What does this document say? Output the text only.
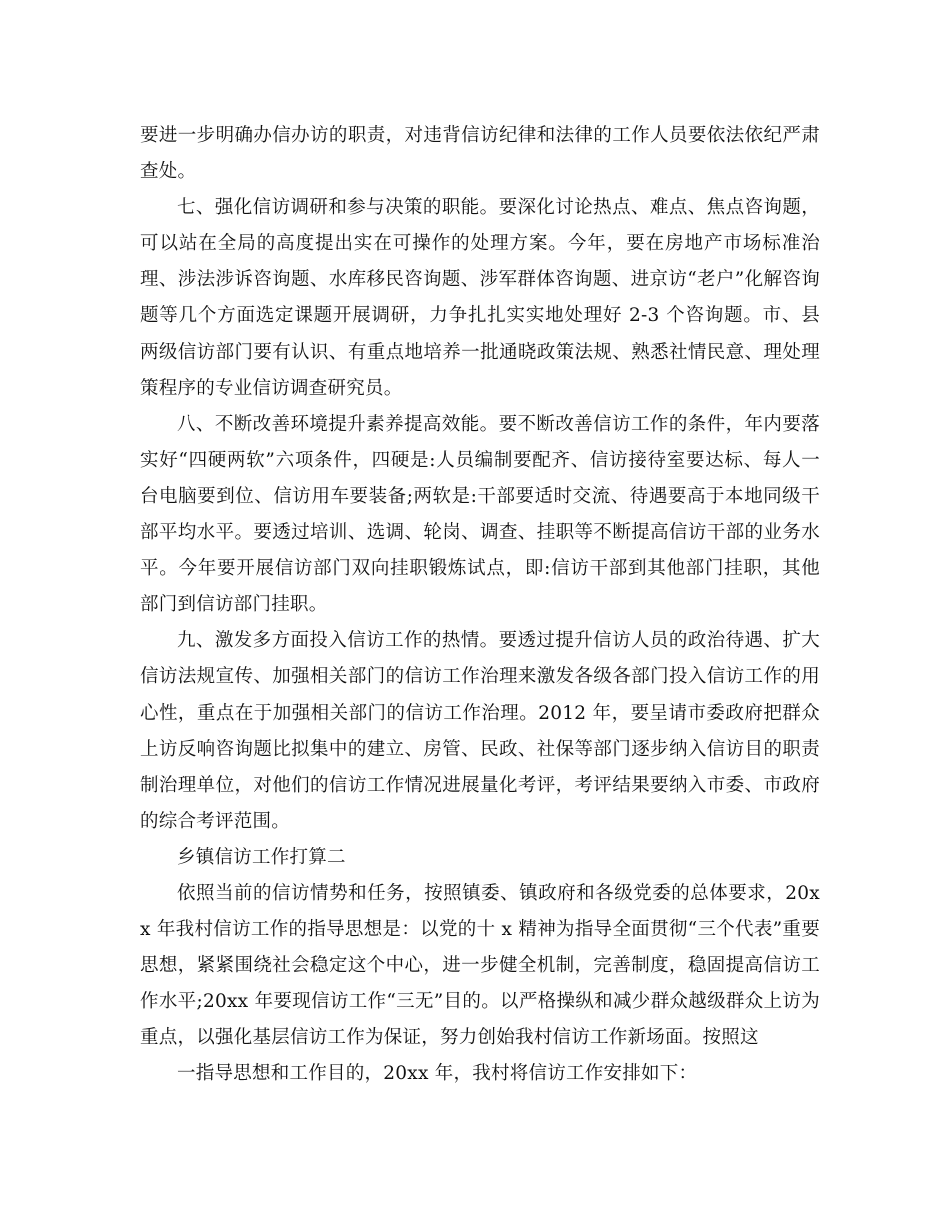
要进一步明确办信办访的职责，对违背信访纪律和法律的工作人员要依法依纪严肃查处。

七、强化信访调研和参与决策的职能。要深化讨论热点、难点、焦点咨询题，可以站在全局的高度提出实在可操作的处理方案。今年，要在房地产市场标准治理、涉法涉诉咨询题、水库移民咨询题、涉军群体咨询题、进京访“老户”化解咨询题等几个方面选定课题开展调研，力争扎扎实实地处理好 2-3 个咨询题。市、县两级信访部门要有认识、有重点地培养一批通晓政策法规、熟悉社情民意、理处理策程序的专业信访调查研究员。

八、不断改善环境提升素养提高效能。要不断改善信访工作的条件，年内要落实好“四硬两软”六项条件，四硬是:人员编制要配齐、信访接待室要达标、每人一台电脑要到位、信访用车要装备;两软是:干部要适时交流、待遇要高于本地同级干部平均水平。要透过培训、选调、轮岗、调查、挂职等不断提高信访干部的业务水平。今年要开展信访部门双向挂职锻炼试点，即:信访干部到其他部门挂职，其他部门到信访部门挂职。

九、激发多方面投入信访工作的热情。要透过提升信访人员的政治待遇、扩大信访法规宣传、加强相关部门的信访工作治理来激发各级各部门投入信访工作的用心性，重点在于加强相关部门的信访工作治理。2012 年，要呈请市委政府把群众上访反响咨询题比拟集中的建立、房管、民政、社保等部门逐步纳入信访目的职责制治理单位，对他们的信访工作情况进展量化考评，考评结果要纳入市委、市政府的综合考评范围。

乡镇信访工作打算二

依照当前的信访情势和任务，按照镇委、镇政府和各级党委的总体要求，20xx 年我村信访工作的指导思想是：以党的十 x 精神为指导全面贯彻“三个代表”重要思想，紧紧围绕社会稳定这个中心，进一步健全机制，完善制度，稳固提高信访工作水平;20xx 年要现信访工作“三无”目的。以严格操纵和减少群众越级群众上访为重点，以强化基层信访工作为保证，努力创始我村信访工作新场面。按照这

一指导思想和工作目的，20xx 年，我村将信访工作安排如下：
